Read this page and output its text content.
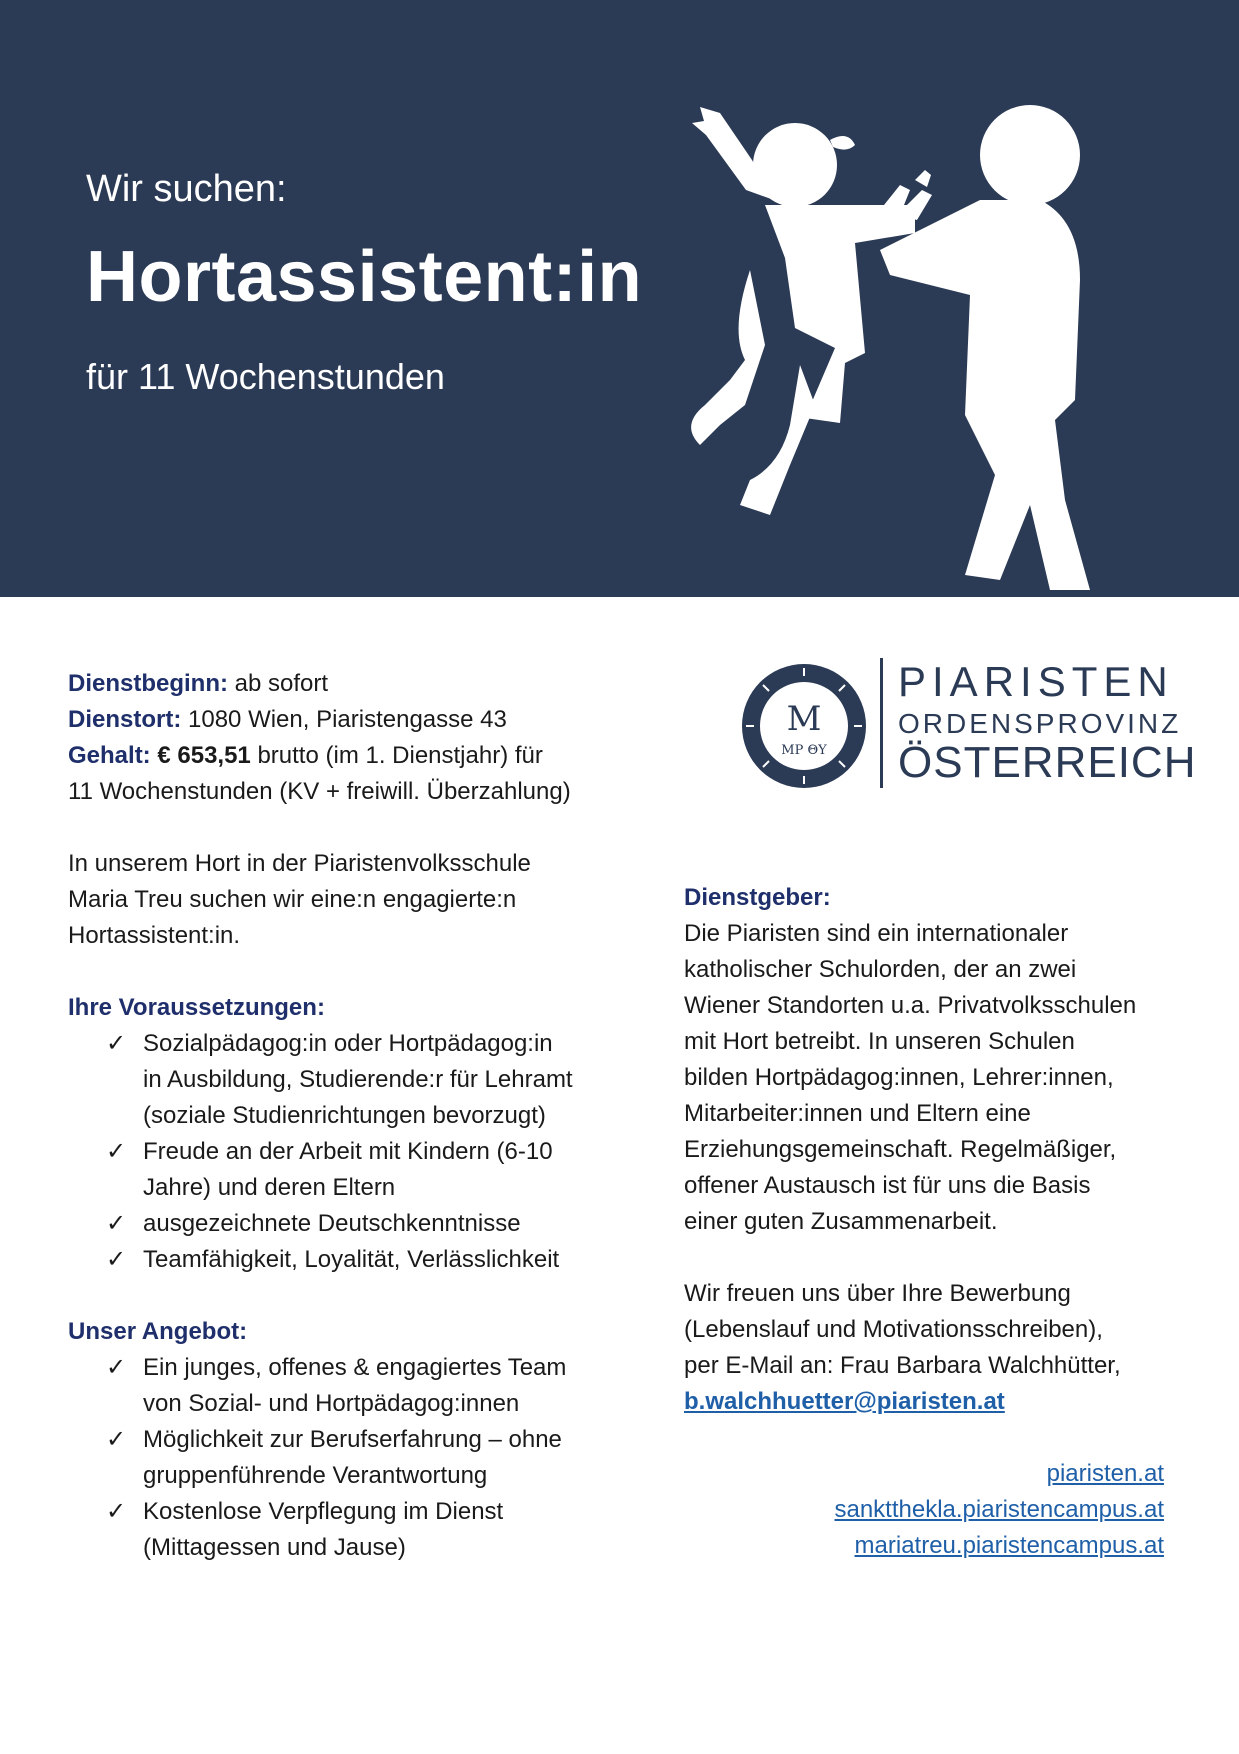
Wir suchen:
Hortassistent:in
für 11 Wochenstunden
M
MP ΘY
PIARISTEN
ORDENSPROVINZ
ÖSTERREICH

Dienstbeginn: ab sofort

Dienstort: 1080 Wien, Piaristengasse 43

Gehalt: € 653,51 brutto (im 1. Dienstjahr) für

11 Wochenstunden (KV + freiwill. Überzahlung)

In unserem Hort in der Piaristenvolksschule

Maria Treu suchen wir eine:n engagierte:n

Hortassistent:in.

Ihre Voraussetzungen:

✓ Sozialpädagog:in oder Hortpädagog:in
in Ausbildung, Studierende:r für Lehramt
(soziale Studienrichtungen bevorzugt)
✓ Freude an der Arbeit mit Kindern (6-10
Jahre) und deren Eltern
✓ ausgezeichnete Deutschkenntnisse
✓ Teamfähigkeit, Loyalität, Verlässlichkeit

Unser Angebot:

✓ Ein junges, offenes & engagiertes Team
von Sozial- und Hortpädagog:innen
✓ Möglichkeit zur Berufserfahrung – ohne
gruppenführende Verantwortung
✓ Kostenlose Verpflegung im Dienst
(Mittagessen und Jause)

Dienstgeber:

Die Piaristen sind ein internationaler

katholischer Schulorden, der an zwei

Wiener Standorten u.a. Privatvolksschulen

mit Hort betreibt. In unseren Schulen

bilden Hortpädagog:innen, Lehrer:innen,

Mitarbeiter:innen und Eltern eine

Erziehungsgemeinschaft. Regelmäßiger,

offener Austausch ist für uns die Basis

einer guten Zusammenarbeit.

Wir freuen uns über Ihre Bewerbung

(Lebenslauf und Motivationsschreiben),

per E-Mail an: Frau Barbara Walchhütter,

b.walchhuetter@piaristen.at

piaristen.at
sanktthekla.piaristencampus.at
mariatreu.piaristencampus.at
